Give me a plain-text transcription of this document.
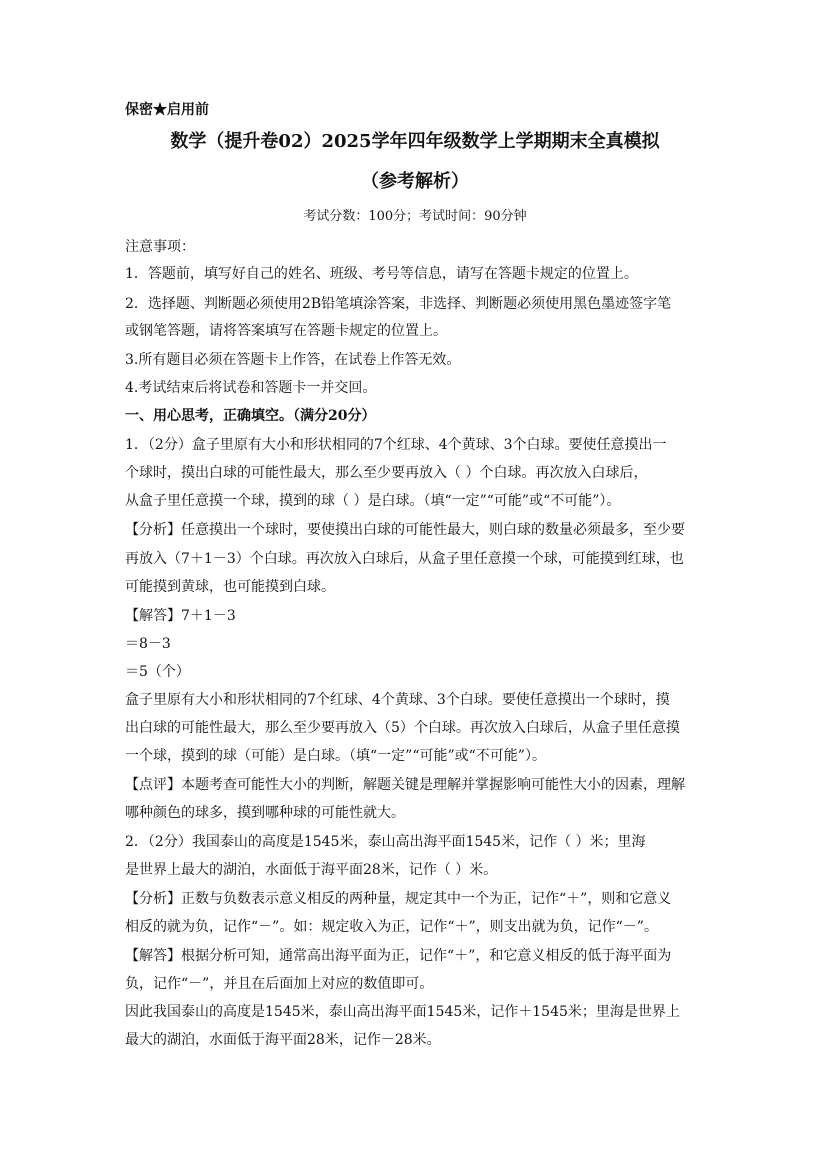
保密★启用前
数学（提升卷02）2025学年四年级数学上学期期末全真模拟
（参考解析）
考试分数：100分；考试时间：90分钟
注意事项：
1．答题前，填写好自己的姓名、班级、考号等信息，请写在答题卡规定的位置上。
2．选择题、判断题必须使用2B铅笔填涂答案，非选择、判断题必须使用黑色墨迹签字笔
或钢笔答题，请将答案填写在答题卡规定的位置上。
3.所有题目必须在答题卡上作答，在试卷上作答无效。
4.考试结束后将试卷和答题卡一并交回。
一、用心思考，正确填空。（满分20分）
1．（2分）盒子里原有大小和形状相同的7个红球、4个黄球、3个白球。要使任意摸出一
个球时，摸出白球的可能性最大，那么至少要再放入（ ）个白球。再次放入白球后，
从盒子里任意摸一个球，摸到的球（ ）是白球。（填“一定”“可能”或“不可能”）。
【分析】任意摸出一个球时，要使摸出白球的可能性最大，则白球的数量必须最多，至少要
再放入（7＋1－3）个白球。再次放入白球后，从盒子里任意摸一个球，可能摸到红球，也
可能摸到黄球，也可能摸到白球。
【解答】7＋1－3
＝8－3
＝5（个）
盒子里原有大小和形状相同的7个红球、4个黄球、3个白球。要使任意摸出一个球时，摸
出白球的可能性最大，那么至少要再放入（5）个白球。再次放入白球后，从盒子里任意摸
一个球，摸到的球（可能）是白球。（填“一定”“可能”或“不可能”）。
【点评】本题考查可能性大小的判断，解题关键是理解并掌握影响可能性大小的因素，理解
哪种颜色的球多，摸到哪种球的可能性就大。
2．（2分）我国泰山的高度是1545米，泰山高出海平面1545米，记作（ ）米；里海
是世界上最大的湖泊，水面低于海平面28米，记作（ ）米。
【分析】正数与负数表示意义相反的两种量，规定其中一个为正，记作“＋”，则和它意义
相反的就为负，记作“－”。如：规定收入为正，记作“＋”，则支出就为负，记作“－”。
【解答】根据分析可知，通常高出海平面为正，记作“＋”，和它意义相反的低于海平面为
负，记作“－”，并且在后面加上对应的数值即可。
因此我国泰山的高度是1545米，泰山高出海平面1545米，记作＋1545米；里海是世界上
最大的湖泊，水面低于海平面28米，记作－28米。
